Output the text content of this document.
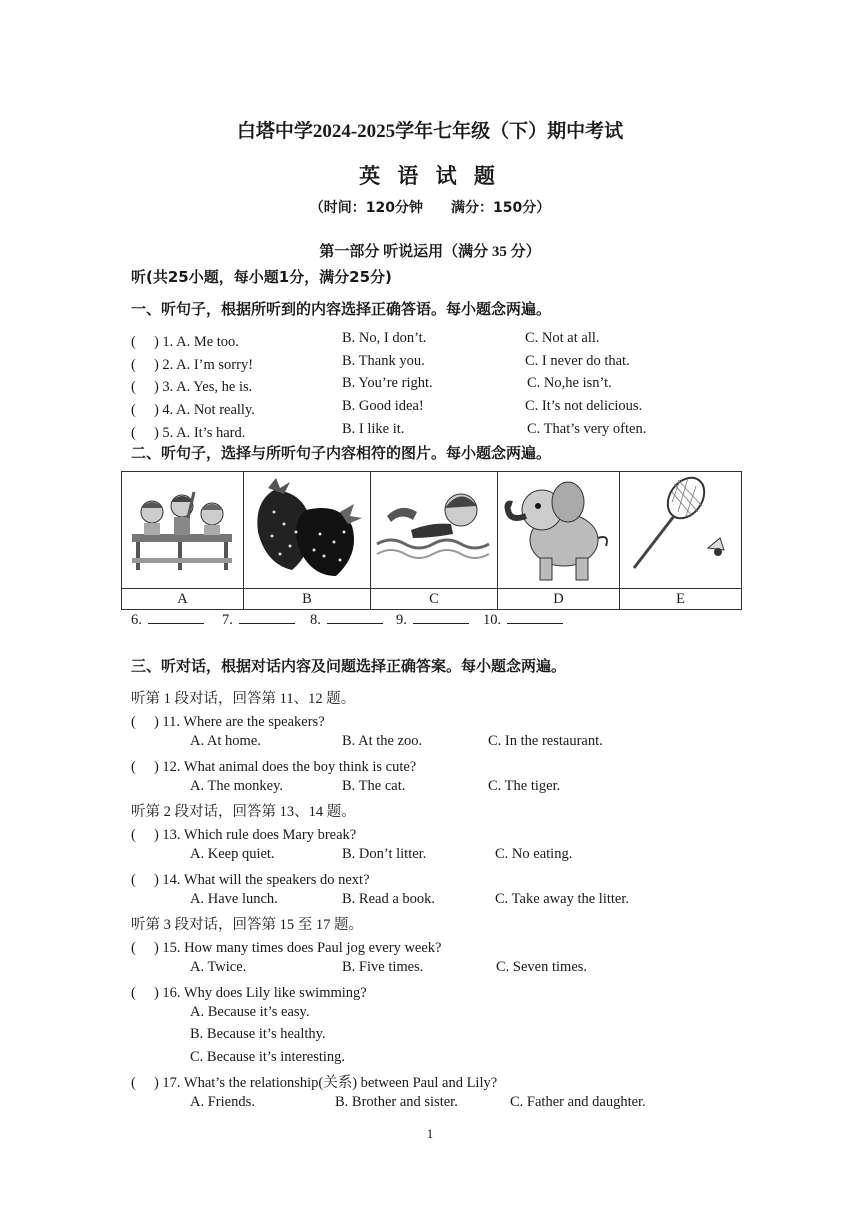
白塔中学2024-2025学年七年级（下）期中考试
英 语 试 题
（时间：120分钟　　满分：150分）
第一部分 听说运用（满分 35 分）
听(共25小题，每小题1分，满分25分)
一、听句子，根据所听到的内容选择正确答语。每小题念两遍。
(　 ) 1. A. Me too.	B. No, I don’t.	C. Not at all.
(　 ) 2. A. I’m sorry!	B. Thank you.	C. I never do that.
(　 ) 3. A. Yes, he is.	B. You’re right.	C. No,he isn’t.
(　 ) 4. A. Not really.	B. Good idea!	C. It’s not delicious.
(　 ) 5. A. It’s hard.	B. I like it.	C. That’s very often.
二、听句子，选择与所听句子内容相符的图片。每小题念两遍。

A	B	C	D	E
6.	7.	8.	9.	10.
三、听对话，根据对话内容及问题选择正确答案。每小题念两遍。
听第 1 段对话，回答第 11、12 题。
(　 ) 11. Where are the speakers?
A. At home.	B. At the zoo.	C. In the restaurant.
(　 ) 12. What animal does the boy think is cute?
A. The monkey.	B. The cat.	C. The tiger.
听第 2 段对话，回答第 13、14 题。
(　 ) 13. Which rule does Mary break?
A. Keep quiet.	B. Don’t litter.	C. No eating.
(　 ) 14. What will the speakers do next?
A. Have lunch.	B. Read a book.	C. Take away the litter.
听第 3 段对话，回答第 15 至 17 题。
(　 ) 15. How many times does Paul jog every week?
A. Twice.	B. Five times.	C. Seven times.
(　 ) 16. Why does Lily like swimming?
A. Because it’s easy.
B. Because it’s healthy.
C. Because it’s interesting.
(　 ) 17. What’s the relationship(关系) between Paul and Lily?
A. Friends.	B. Brother and sister.	C. Father and daughter.
1
